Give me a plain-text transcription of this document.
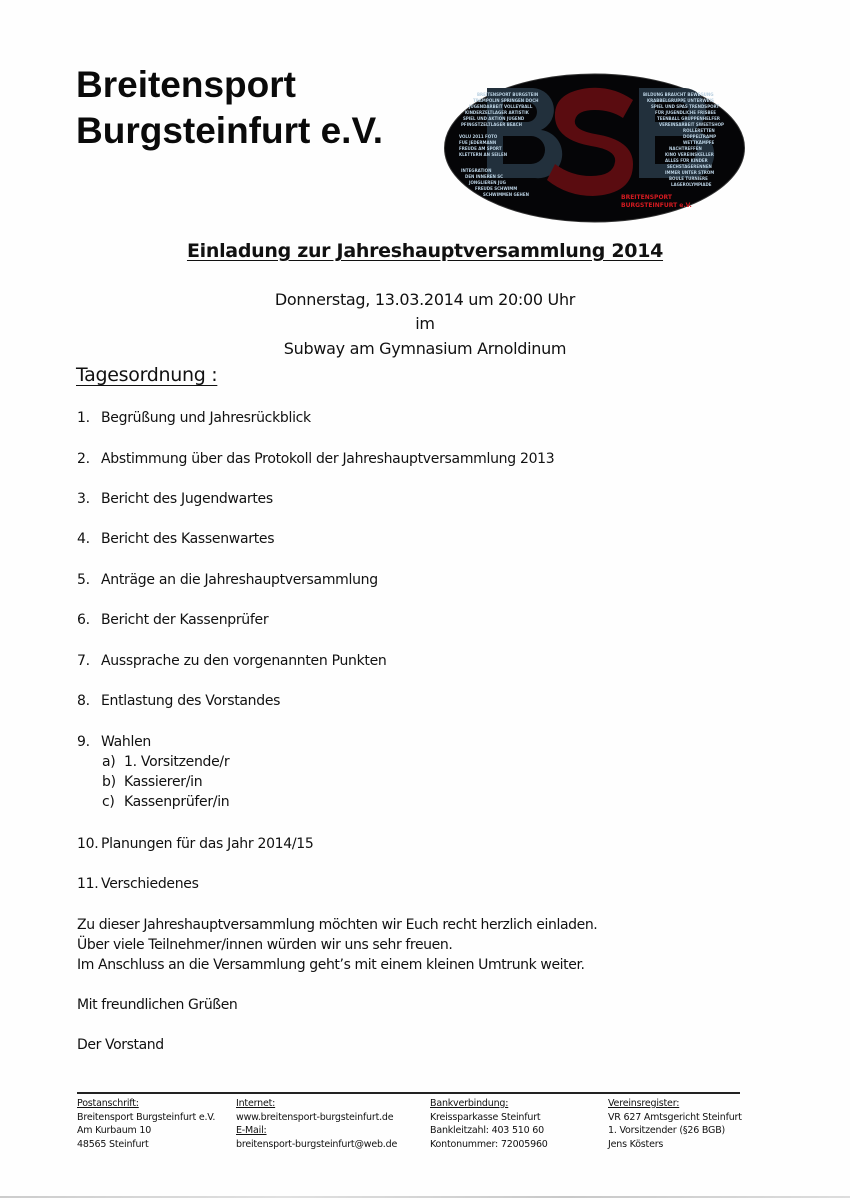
Breitensport
Burgsteinfurt e.V.
BREITENSPORT BURGSTEIN
TRAMPOLIN SPRINGEN DOCH
JUGENDARBEIT VOLLEYBALL
KINDERZELTLAGER ARTISTIK
SPIEL UND AKTION JUGEND
PFINGSTZELTLAGER BEACH
VOLU 2011 FOTO
FUE JEDERMANN
FREUDE AM SPORT
KLETTERN AN SEILEN
INTEGRATION
DEN INNEREN SC
JONGLIEREN JUG
FREUDE SCHWIMM
SCHWIMMEN GEHEN
BILDUNG BRAUCHT BEWEGUNG
KRABBELGRUPPE UNTERWEIS
SPIEL UND SPAS TRENDSPORT
FÜR JUGENDLICHE FRISBEE
TEENBALL GRUPPENHELFER
VEREINSARBEIT SWEETSHOP
ROLLERETTEN
DOPPELTRAMP
WETTKÄMPFE
NACHTREFFEN
KINO VEREINSKELLER
ALLES FÜR KINDER
SECHSTAGERENNEN
IMMER UNTER STROM
BOULE TURNIERE
LAGEROLYMPIADE
BREITENSPORT
BURGSTEINFURT e.V.
Einladung zur Jahreshauptversammlung 2014
Donnerstag, 13.03.2014 um 20:00 Uhr
im
Subway am Gymnasium Arnoldinum
Tagesordnung :
1. Begrüßung und Jahresrückblick
2. Abstimmung über das Protokoll der Jahreshauptversammlung 2013
3. Bericht des Jugendwartes
4. Bericht des Kassenwartes
5. Anträge an die Jahreshauptversammlung
6. Bericht der Kassenprüfer
7. Aussprache zu den vorgenannten Punkten
8. Entlastung des Vorstandes
9. Wahlen
a) 1. Vorsitzende/r
b) Kassierer/in
c) Kassenprüfer/in
10. Planungen für das Jahr 2014/15
11. Verschiedenes
Zu dieser Jahreshauptversammlung möchten wir Euch recht herzlich einladen.
Über viele Teilnehmer/innen würden wir uns sehr freuen.
Im Anschluss an die Versammlung geht’s mit einem kleinen Umtrunk weiter.
Mit freundlichen Grüßen
Der Vorstand
Postanschrift:
Breitensport Burgsteinfurt e.V.
Am Kurbaum 10
48565 Steinfurt
Internet:
www.breitensport-burgsteinfurt.de
E-Mail:
breitensport-burgsteinfurt@web.de
Bankverbindung:
Kreissparkasse Steinfurt
Bankleitzahl: 403 510 60
Kontonummer: 72005960
Vereinsregister:
VR 627 Amtsgericht Steinfurt
1. Vorsitzender (§26 BGB)
Jens Kösters
